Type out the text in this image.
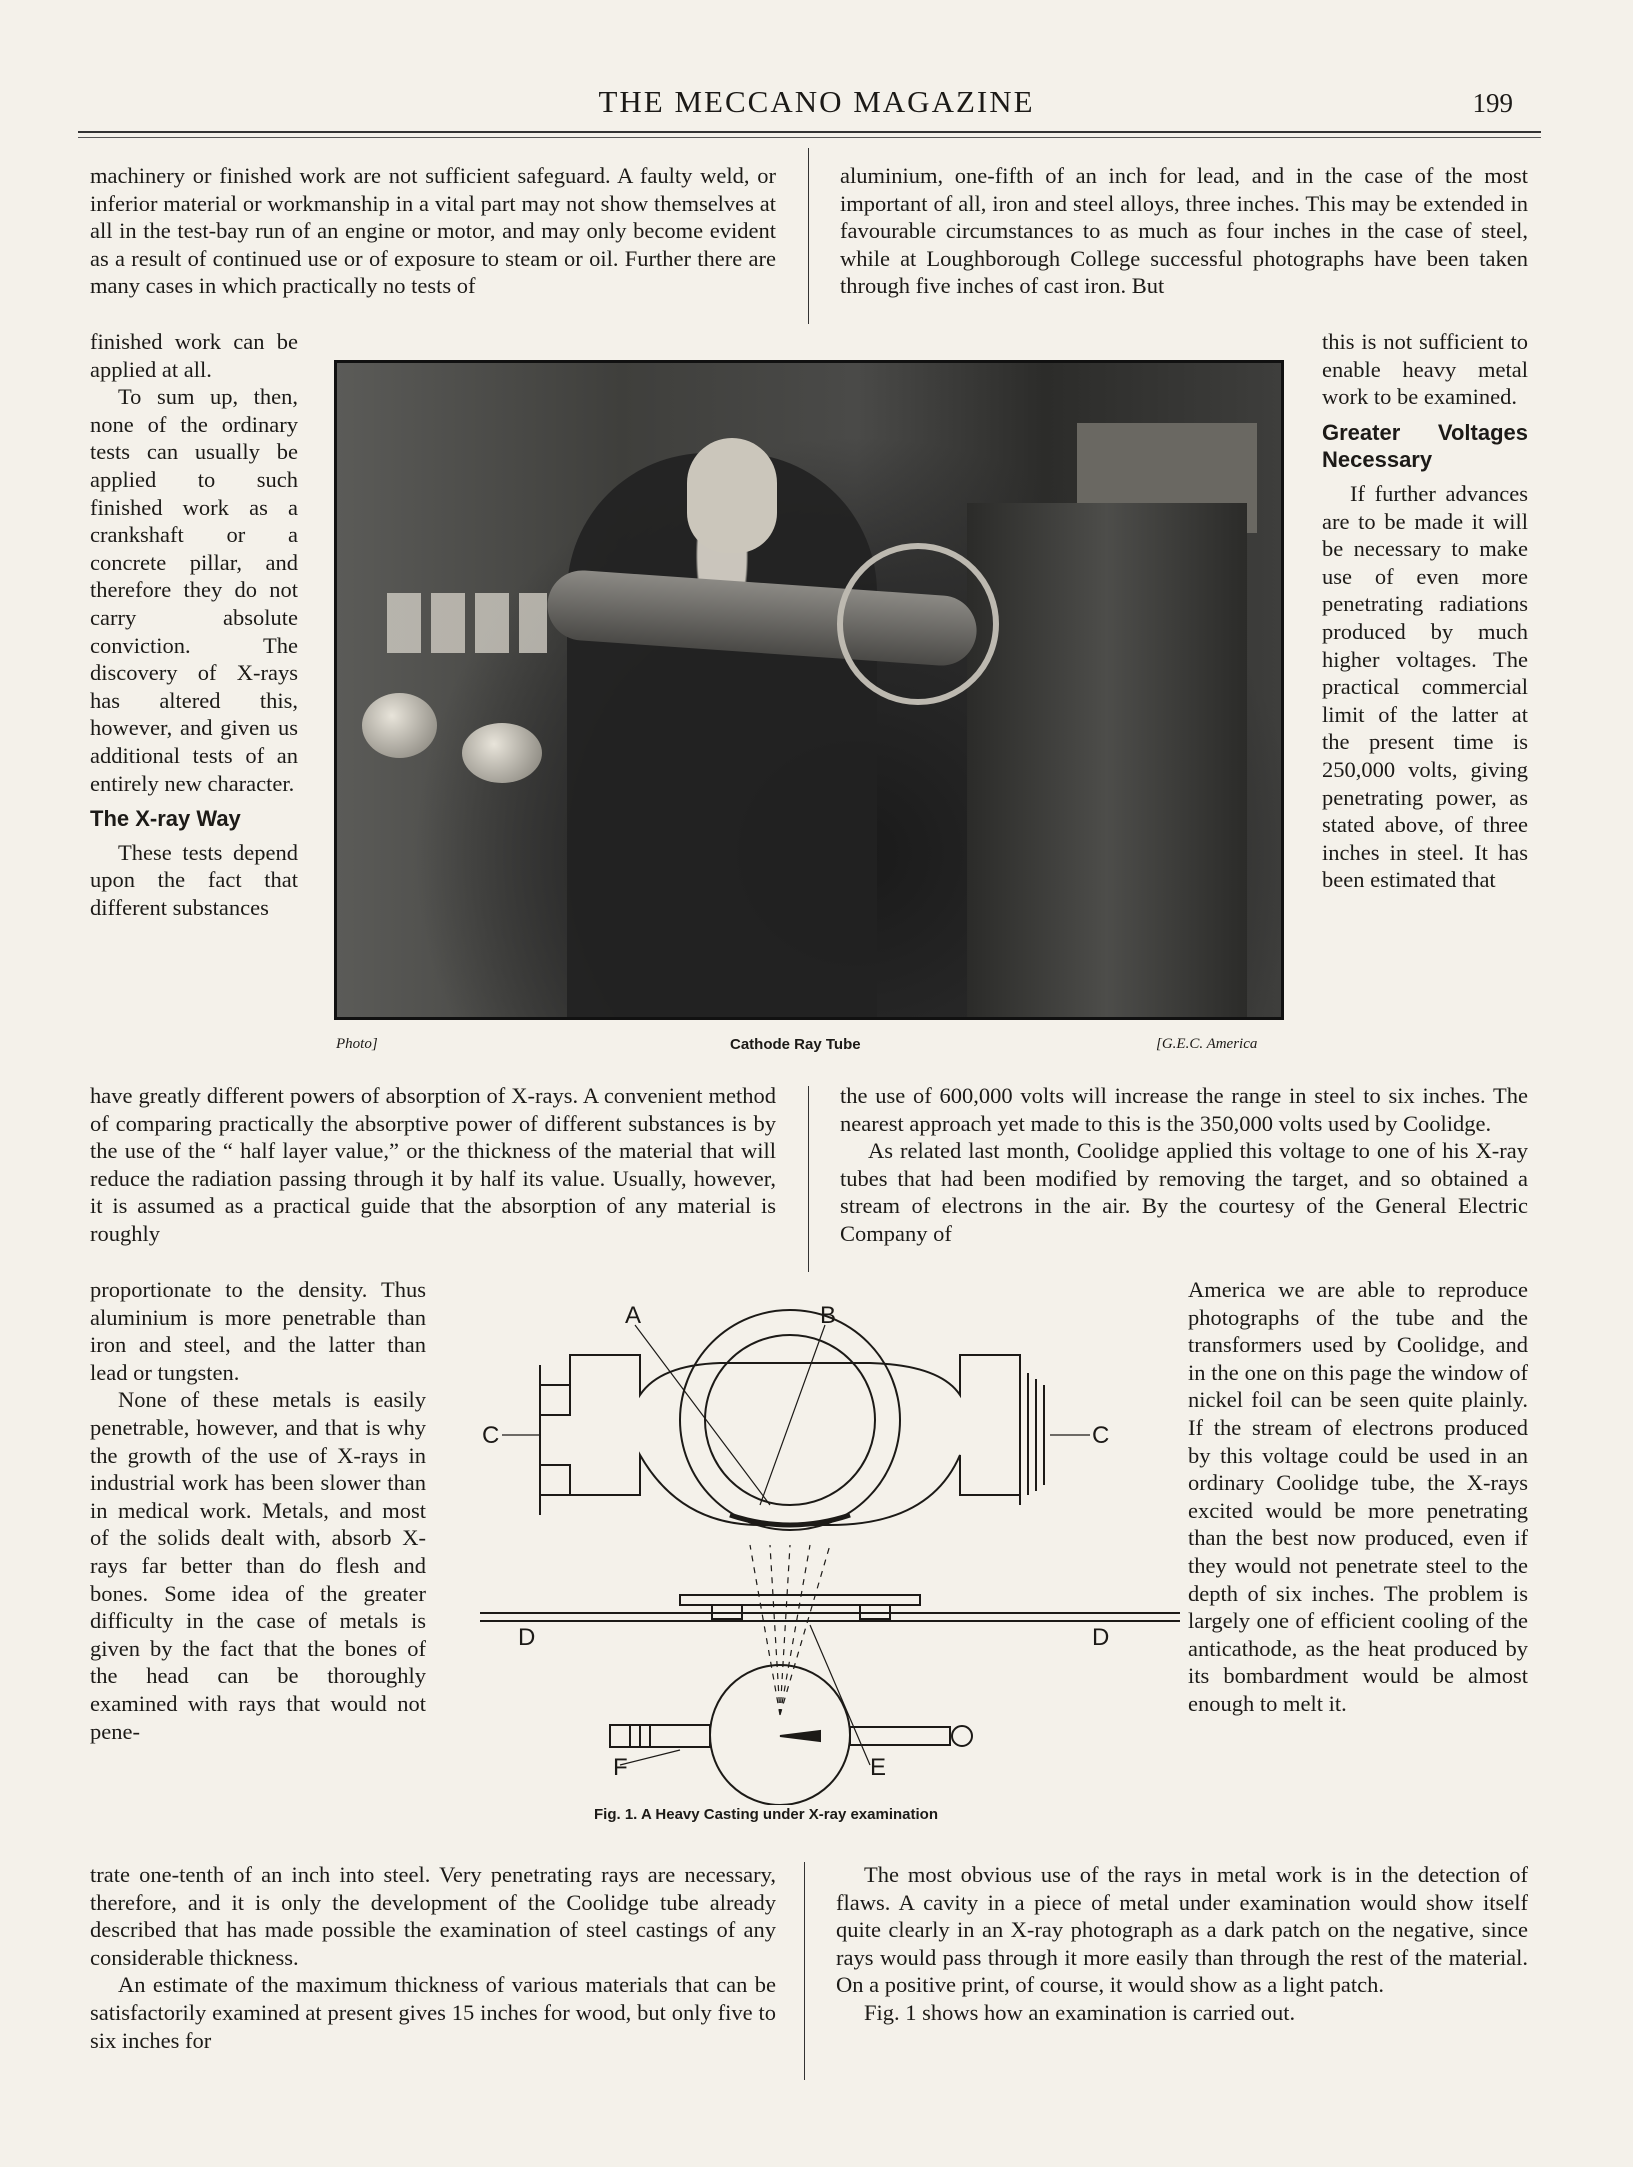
THE MECCANO MAGAZINE	199

machinery or finished work are not sufficient safeguard. A faulty weld, or inferior material or workmanship in a vital part may not show themselves at all in the test-bay run of an engine or motor, and may only become evident as a result of continued use or of exposure to steam or oil. Further there are many cases in which practically no tests of

finished work can be applied at all.

To sum up, then, none of the ordinary tests can usually be applied to such finished work as a crankshaft or a concrete pillar, and therefore they do not carry absolute conviction. The discovery of X-rays has altered this, however, and given us additional tests of an entirely new character.

The X-ray Way

These tests depend upon the fact that different substances

have greatly different powers of absorption of X-rays. A convenient method of comparing practically the absorptive power of different substances is by the use of the “ half layer value,” or the thickness of the material that will reduce the radiation passing through it by half its value. Usually, however, it is assumed as a practical guide that the absorption of any material is roughly

proportionate to the density. Thus aluminium is more penetrable than iron and steel, and the latter than lead or tungsten.

None of these metals is easily penetrable, however, and that is why the growth of the use of X-rays in industrial work has been slower than in medical work. Metals, and most of the solids dealt with, absorb X-rays far better than do flesh and bones. Some idea of the greater difficulty in the case of metals is given by the fact that the bones of the head can be thoroughly examined with rays that would not pene-

trate one-tenth of an inch into steel. Very penetrating rays are necessary, therefore, and it is only the development of the Coolidge tube already described that has made possible the examination of steel castings of any considerable thickness.

An estimate of the maximum thickness of various materials that can be satisfactorily examined at present gives 15 inches for wood, but only five to six inches for

aluminium, one-fifth of an inch for lead, and in the case of the most important of all, iron and steel alloys, three inches. This may be extended in favourable circumstances to as much as four inches in the case of steel, while at Loughborough College successful photographs have been taken through five inches of cast iron. But

this is not sufficient to enable heavy metal work to be examined.

Greater Voltages Necessary

If further advances are to be made it will be necessary to make use of even more penetrating radiations produced by much higher voltages. The practical commercial limit of the latter at the present time is 250,000 volts, giving penetrating power, as stated above, of three inches in steel. It has been estimated that

the use of 600,000 volts will increase the range in steel to six inches. The nearest approach yet made to this is the 350,000 volts used by Coolidge.

As related last month, Coolidge applied this voltage to one of his X-ray tubes that had been modified by removing the target, and so obtained a stream of electrons in the air. By the courtesy of the General Electric Company of

America we are able to reproduce photographs of the tube and the transformers used by Coolidge, and in the one on this page the window of nickel foil can be seen quite plainly. If the stream of electrons produced by this voltage could be used in an ordinary Coolidge tube, the X-rays excited would be more penetrating than the best now produced, even if they would not penetrate steel to the depth of six inches. The problem is largely one of efficient cooling of the anticathode, as the heat produced by its bombardment would be almost enough to melt it.

The most obvious use of the rays in metal work is in the detection of flaws. A cavity in a piece of metal under examination would show itself quite clearly in an X-ray photograph as a dark patch on the negative, since rays would pass through it more easily than through the rest of the material. On a positive print, of course, it would show as a light patch.

Fig. 1 shows how an examination is carried out.

Photo]	Cathode Ray Tube	[G.E.C. America
A	B
C	C
D	D
F	E
Fig. 1. A Heavy Casting under X-ray examination
